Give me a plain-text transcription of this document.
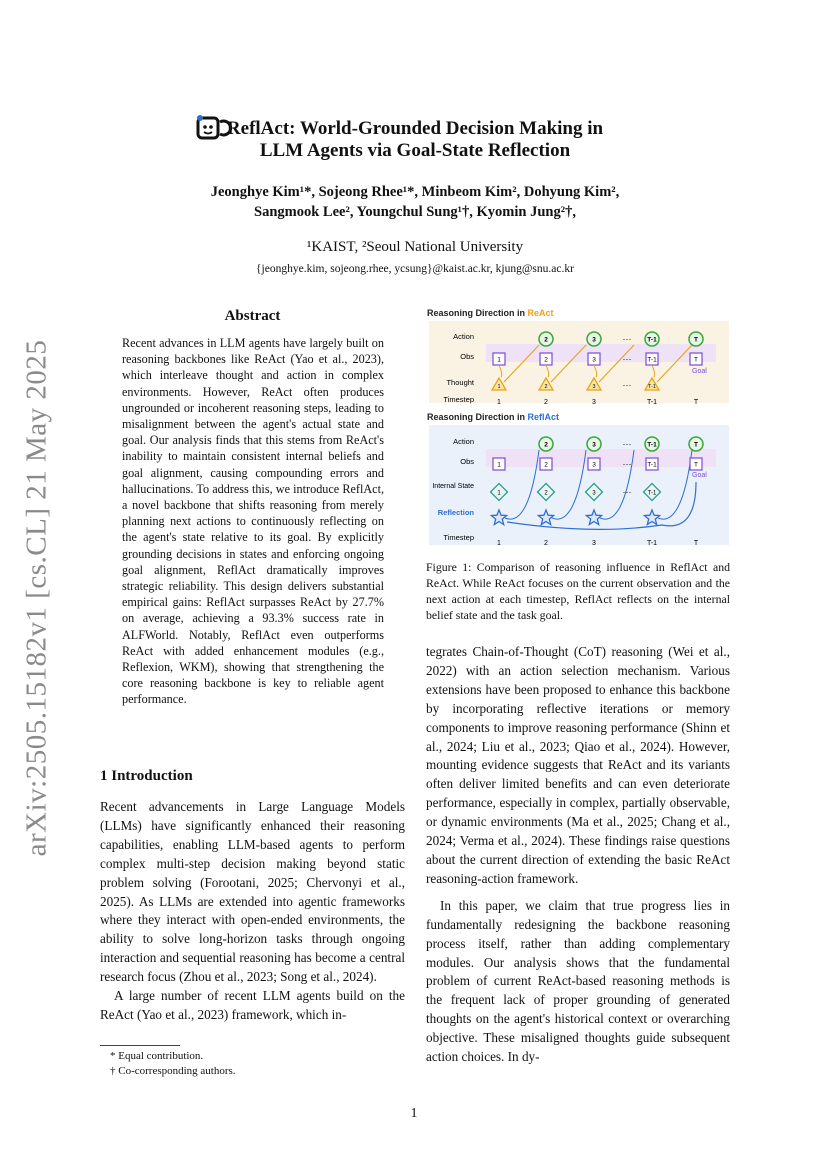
arXiv:2505.15182v1 [cs.CL] 21 May 2025
ReflAct: World-Grounded Decision Making in
LLM Agents via Goal-State Reflection
Jeonghye Kim¹*, Sojeong Rhee¹*, Minbeom Kim², Dohyung Kim²,
Sangmook Lee², Youngchul Sung¹†, Kyomin Jung²†,
¹KAIST, ²Seoul National University
{jeonghye.kim, sojeong.rhee, ycsung}@kaist.ac.kr, kjung@snu.ac.kr
Abstract
Recent advances in LLM agents have largely built on reasoning backbones like ReAct (Yao et al., 2023), which interleave thought and action in complex environments. However, ReAct often produces ungrounded or incoherent reasoning steps, leading to misalignment between the agent's actual state and goal. Our analysis finds that this stems from ReAct's inability to maintain consistent internal beliefs and goal alignment, causing compounding errors and hallucinations. To address this, we introduce ReflAct, a novel backbone that shifts reasoning from merely planning next actions to continuously reflecting on the agent's state relative to its goal. By explicitly grounding decisions in states and enforcing ongoing goal alignment, ReflAct dramatically improves strategic reliability. This design delivers substantial empirical gains: ReflAct surpasses ReAct by 27.7% on average, achieving a 93.3% success rate in ALFWorld. Notably, ReflAct even outperforms ReAct with added enhancement modules (e.g., Reflexion, WKM), showing that strengthening the core reasoning backbone is key to reliable agent performance.
1 Introduction

Recent advancements in Large Language Models (LLMs) have significantly enhanced their reasoning capabilities, enabling LLM-based agents to perform complex multi-step decision making beyond static problem solving (Forootani, 2025; Chervonyi et al., 2025). As LLMs are extended into agentic frameworks where they interact with open-ended environments, the ability to solve long-horizon tasks through ongoing interaction and sequential reasoning has become a central research focus (Zhou et al., 2023; Song et al., 2024).

A large number of recent LLM agents build on the ReAct (Yao et al., 2023) framework, which in-

* Equal contribution.
† Co-corresponding authors.
1
Reasoning Direction in ReAct
Action
Obs
Thought
Timestep
1
1
2
2
2
3
3
3
···
···
···
T-1
T-1
T-1
T
T
1	2	3	T-1	T
Goal
Reasoning Direction in ReflAct
Action
Obs
Internal State
Reflection
Timestep
1
1
2
2
2
3
3
3
···
···
···
T-1
T-1
T-1
T
T
1	2	3	T-1	T
Goal
Figure 1: Comparison of reasoning influence in ReflAct and ReAct. While ReAct focuses on the current observation and the next action at each timestep, ReflAct reflects on the internal belief state and the task goal.

tegrates Chain-of-Thought (CoT) reasoning (Wei et al., 2022) with an action selection mechanism. Various extensions have been proposed to enhance this backbone by incorporating reflective iterations or memory components to improve reasoning performance (Shinn et al., 2024; Liu et al., 2023; Qiao et al., 2024). However, mounting evidence suggests that ReAct and its variants often deliver limited benefits and can even deteriorate performance, especially in complex, partially observable, or dynamic environments (Ma et al., 2025; Chang et al., 2024; Verma et al., 2024). These findings raise questions about the current direction of extending the basic ReAct reasoning-action framework.

In this paper, we claim that true progress lies in fundamentally redesigning the backbone reasoning process itself, rather than adding complementary modules. Our analysis shows that the fundamental problem of current ReAct-based reasoning methods is the frequent lack of proper grounding of generated thoughts on the agent's historical context or overarching objective. These misaligned thoughts guide subsequent action choices. In dy-
